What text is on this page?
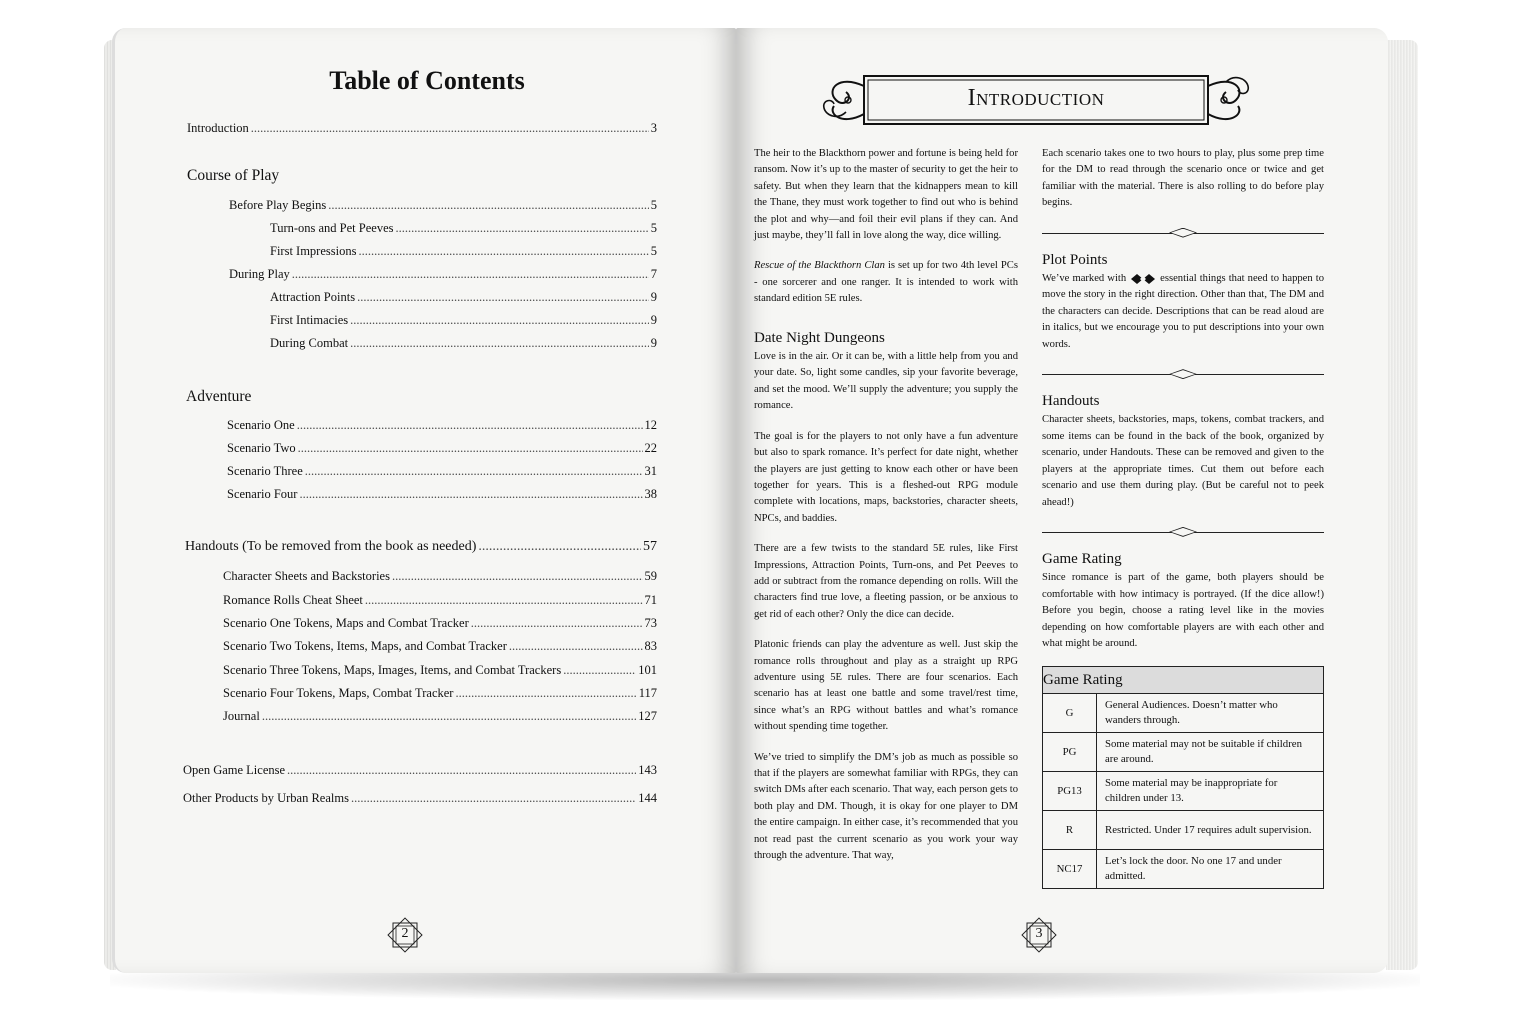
Table of Contents
Introduction .....	3
Course of Play
Before Play Begins .....	5
Turn-ons and Pet Peeves .....	5
First Impressions .....	5
During Play .....	7
Attraction Points .....	9
First Intimacies .....	9
During Combat .....	9
Adventure
Scenario One .....	12
Scenario Two .....	22
Scenario Three .....	31
Scenario Four .....	38
Handouts (To be removed from the book as needed) .....	57
Character Sheets and Backstories .....	59
Romance Rolls Cheat Sheet .....	71
Scenario One Tokens, Maps and Combat Tracker .....	73
Scenario Two Tokens, Items, Maps, and Combat Tracker .....	83
Scenario Three Tokens, Maps, Images, Items, and Combat Trackers .....	101
Scenario Four Tokens, Maps, Combat Tracker .....	117
Journal .....	127
Open Game License .....	143
Other Products by Urban Realms .....	144
2
Introduction

The heir to the Blackthorn power and fortune is being held for ransom. Now it’s up to the master of security to get the heir to safety. But when they learn that the kidnappers mean to kill the Thane, they must work together to find out who is behind the plot and why—and foil their evil plans if they can. And just maybe, they’ll fall in love along the way, dice willing.

Rescue of the Blackthorn Clan is set up for two 4th level PCs - one sorcerer and one ranger. It is intended to work with standard edition 5E rules.

Date Night Dungeons

Love is in the air. Or it can be, with a little help from you and your date. So, light some candles, sip your favorite beverage, and set the mood. We’ll supply the adventure; you supply the romance.

The goal is for the players to not only have a fun adventure but also to spark romance. It’s perfect for date night, whether the players are just getting to know each other or have been together for years. This is a fleshed-out RPG module complete with locations, maps, backstories, character sheets, NPCs, and baddies.

There are a few twists to the standard 5E rules, like First Impressions, Attraction Points, Turn-ons, and Pet Peeves to add or subtract from the romance depending on rolls. Will the characters find true love, a fleeting passion, or be anxious to get rid of each other? Only the dice can decide.

Platonic friends can play the adventure as well. Just skip the romance rolls throughout and play as a straight up RPG adventure using 5E rules. There are four scenarios. Each scenario has at least one battle and some travel/rest time, since what’s an RPG without battles and what’s romance without spending time together.

We’ve tried to simplify the DM’s job as much as possible so that if the players are somewhat familiar with RPGs, they can switch DMs after each scenario. That way, each person gets to both play and DM. Though, it is okay for one player to DM the entire campaign. In either case, it’s recommended that you not read past the current scenario as you work your way through the adventure. That way,

Each scenario takes one to two hours to play, plus some prep time for the DM to read through the scenario once or twice and get familiar with the material. There is also rolling to do before play begins.

Plot Points

We’ve marked with	essential things that need to happen to move the story in the right direction. Other than that, The DM and the characters can decide. Descriptions that can be read aloud are in italics, but we encourage you to put descriptions into your own words.

Handouts

Character sheets, backstories, maps, tokens, combat trackers, and some items can be found in the back of the book, organized by scenario, under Handouts. These can be removed and given to the players at the appropriate times. Cut them out before each scenario and use them during play. (But be careful not to peek ahead!)

Game Rating

Since romance is part of the game, both players should be comfortable with how intimacy is portrayed. (If the dice allow!) Before you begin, choose a rating level like in the movies depending on how comfortable players are with each other and what might be around.

Game Rating	
G	General Audiences. Doesn’t matter who wanders through.
PG	Some material may not be suitable if children are around.
PG13	Some material may be inappropriate for children under 13.
R	Restricted. Under 17 requires adult supervision.
NC17	Let’s lock the door. No one 17 and under admitted.
3
